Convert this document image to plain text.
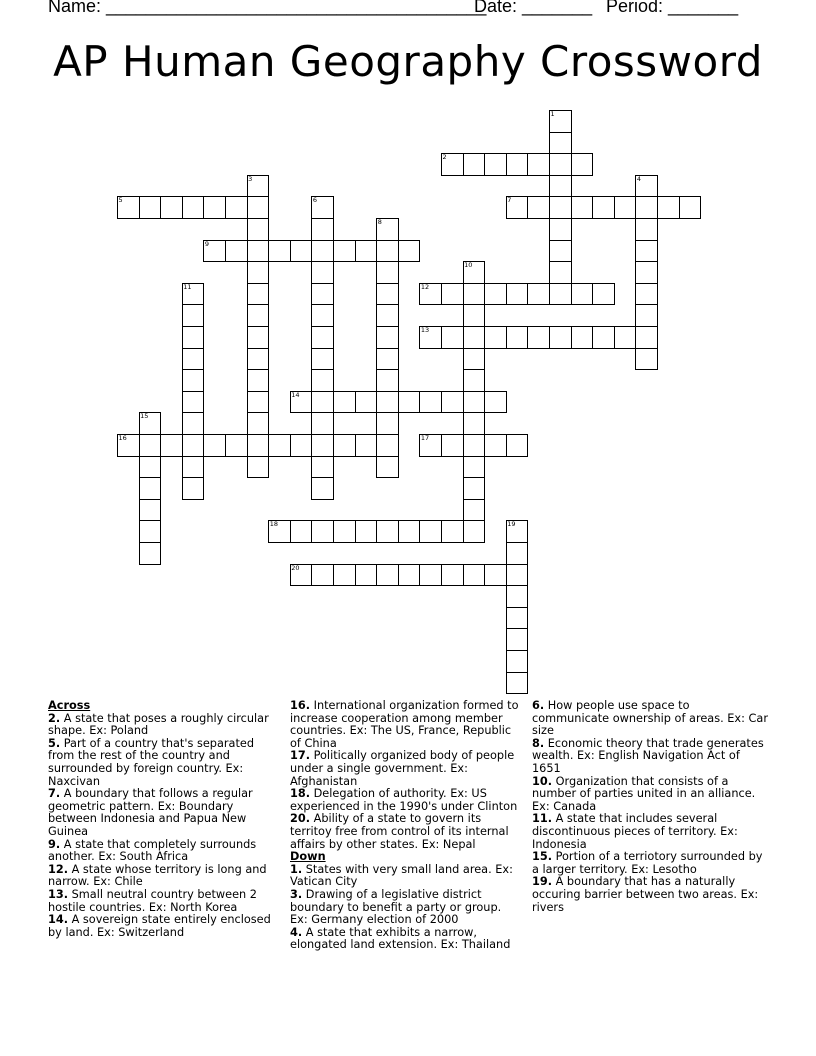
Name: ______________________________________
Date: _______ Period: _______
AP Human Geography Crossword
1
2
3	4
5	6	7
8
9
10
11	12
13
14
15
16	17
18	19
20

Across

2. A state that poses a roughly circular shape. Ex: Poland

5. Part of a country that's separated from the rest of the country and surrounded by foreign country. Ex: Naxcivan

7. A boundary that follows a regular geometric pattern. Ex: Boundary between Indonesia and Papua New Guinea

9. A state that completely surrounds another. Ex: South Africa

12. A state whose territory is long and narrow. Ex: Chile

13. Small neutral country between 2 hostile countries. Ex: North Korea

14. A sovereign state entirely enclosed by land. Ex: Switzerland

16. International organization formed to increase cooperation among member countries. Ex: The US, France, Republic of China

17. Politically organized body of people under a single government. Ex: Afghanistan

18. Delegation of authority. Ex: US experienced in the 1990's under Clinton

20. Ability of a state to govern its territoy free from control of its internal affairs by other states. Ex: Nepal

Down

1. States with very small land area. Ex: Vatican City

3. Drawing of a legislative district boundary to benefit a party or group. Ex: Germany election of 2000

4. A state that exhibits a narrow, elongated land extension. Ex: Thailand

6. How people use space to communicate ownership of areas. Ex: Car size

8. Economic theory that trade generates wealth. Ex: English Navigation Act of 1651

10. Organization that consists of a number of parties united in an alliance. Ex: Canada

11. A state that includes several discontinuous pieces of territory. Ex: Indonesia

15. Portion of a terriotory surrounded by a larger territory. Ex: Lesotho

19. A boundary that has a naturally occuring barrier between two areas. Ex: rivers
